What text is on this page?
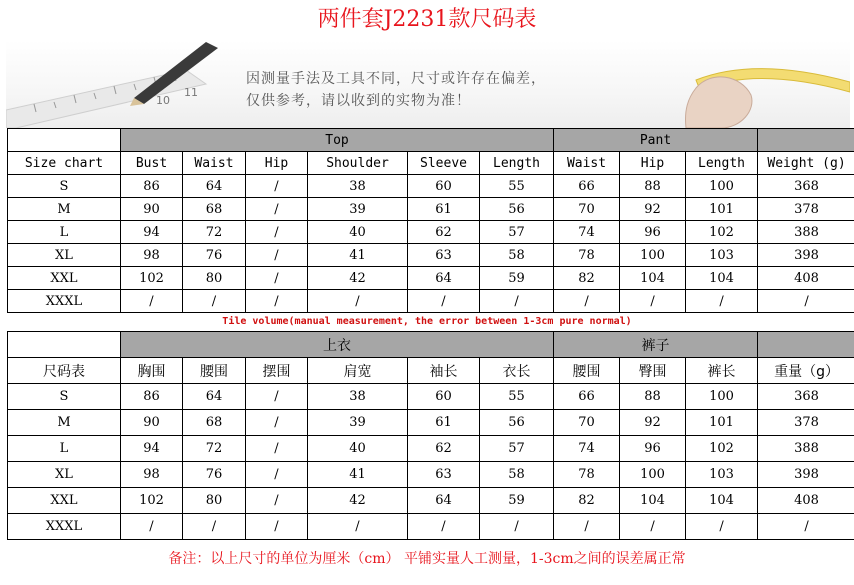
两件套J2231款尺码表
10
11
因测量手法及工具不同，尺寸或许存在偏差，
仅供参考，请以收到的实物为准！
	Top						Pant			
Size chart	Bust	Waist	Hip	Shoulder	Sleeve	Length	Waist	Hip	Length	Weight (g)
S	86	64	/	38	60	55	66	88	100	368
M	90	68	/	39	61	56	70	92	101	378
L	94	72	/	40	62	57	74	96	102	388
XL	98	76	/	41	63	58	78	100	103	398
XXL	102	80	/	42	64	59	82	104	104	408
XXXL	/	/	/	/	/	/	/	/	/	/
Tile volume(manual measurement, the error between 1-3cm pure normal)
	上衣						裤子			
尺码表	胸围	腰围	摆围	肩宽	袖长	衣长	腰围	臀围	裤长	重量（g）
S	86	64	/	38	60	55	66	88	100	368
M	90	68	/	39	61	56	70	92	101	378
L	94	72	/	40	62	57	74	96	102	388
XL	98	76	/	41	63	58	78	100	103	398
XXL	102	80	/	42	64	59	82	104	104	408
XXXL	/	/	/	/	/	/	/	/	/	/
备注：以上尺寸的单位为厘米（cm） 平铺实量人工测量，1-3cm之间的误差属正常
